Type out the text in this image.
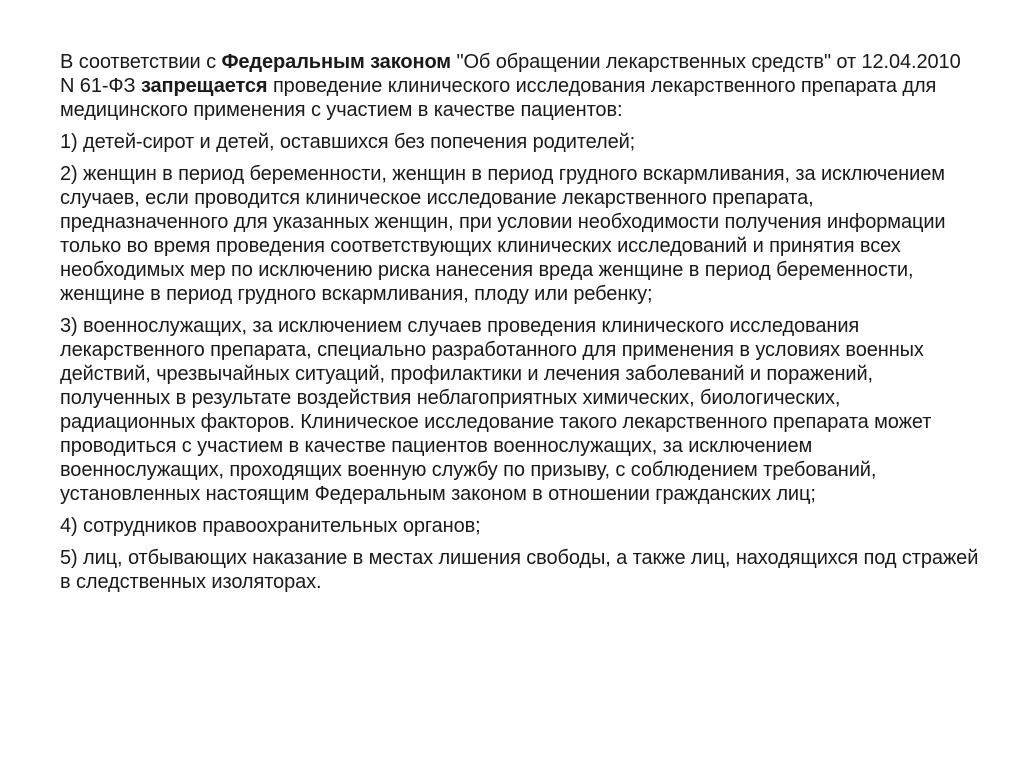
В соответствии с Федеральным законом "Об обращении лекарственных средств" от 12.04.2010 N 61-ФЗ запрещается проведение клинического исследования лекарственного препарата для медицинского применения с участием в качестве пациентов:

1) детей-сирот и детей, оставшихся без попечения родителей;

2) женщин в период беременности, женщин в период грудного вскармливания, за исключением случаев, если проводится клиническое исследование лекарственного препарата, предназначенного для указанных женщин, при условии необходимости получения информации только во время проведения соответствующих клинических исследований и принятия всех необходимых мер по исключению риска нанесения вреда женщине в период беременности, женщине в период грудного вскармливания, плоду или ребенку;

3) военнослужащих, за исключением случаев проведения клинического исследования лекарственного препарата, специально разработанного для применения в условиях военных действий, чрезвычайных ситуаций, профилактики и лечения заболеваний и поражений, полученных в результате воздействия неблагоприятных химических, биологических, радиационных факторов. Клиническое исследование такого лекарственного препарата может проводиться с участием в качестве пациентов военнослужащих, за исключением военнослужащих, проходящих военную службу по призыву, с соблюдением требований, установленных настоящим Федеральным законом в отношении гражданских лиц;

4) сотрудников правоохранительных органов;

5) лиц, отбывающих наказание в местах лишения свободы, а также лиц, находящихся под стражей в следственных изоляторах.
